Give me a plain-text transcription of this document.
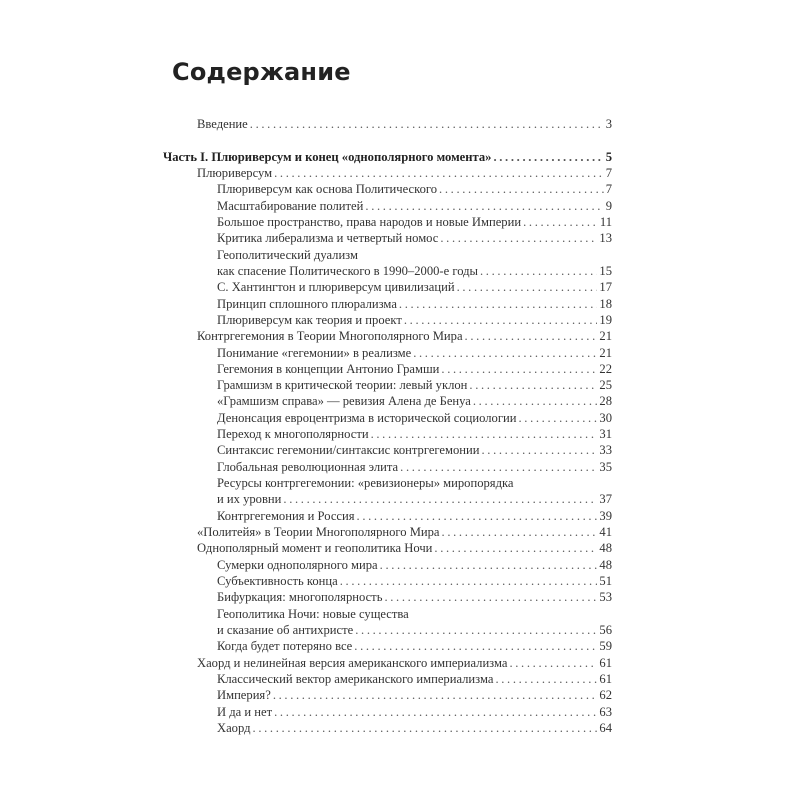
Содержание
Введение . . .	3
Часть I. Плюриверсум и конец «однополярного момента» . . .	5
Плюриверсум . . .	7
Плюриверсум как основа Политического . . .	7
Масштабирование политей . . .	9
Большое пространство, права народов и новые Империи . . .	11
Критика либерализма и четвертый номос . . .	13
Геополитический дуализм
как спасение Политического в 1990–2000-е годы . . .	15
С. Хантингтон и плюриверсум цивилизаций . . .	17
Принцип сплошного плюрализма . . .	18
Плюриверсум как теория и проект . . .	19
Контргегемония в Теории Многополярного Мира . . .	21
Понимание «гегемонии» в реализме . . .	21
Гегемония в концепции Антонио Грамши . . .	22
Грамшизм в критической теории: левый уклон . . .	25
«Грамшизм справа» — ревизия Алена де Бенуа . . .	28
Денонсация евроцентризма в исторической социологии . . .	30
Переход к многополярности . . .	31
Синтаксис гегемонии/синтаксис контргегемонии . . .	33
Глобальная революционная элита . . .	35
Ресурсы контргегемонии: «ревизионеры» миропорядка
и их уровни . . .	37
Контргегемония и Россия . . .	39
«Политейя» в Теории Многополярного Мира . . .	41
Однополярный момент и геополитика Ночи . . .	48
Сумерки однополярного мира . . .	48
Субъективность конца . . .	51
Бифуркация: многополярность . . .	53
Геополитика Ночи: новые существа
и сказание об антихристе . . .	56
Когда будет потеряно все . . .	59
Хаорд и нелинейная версия американского империализма . . .	61
Классический вектор американского империализма . . .	61
Империя? . . .	62
И да и нет . . .	63
Хаорд . . .	64
